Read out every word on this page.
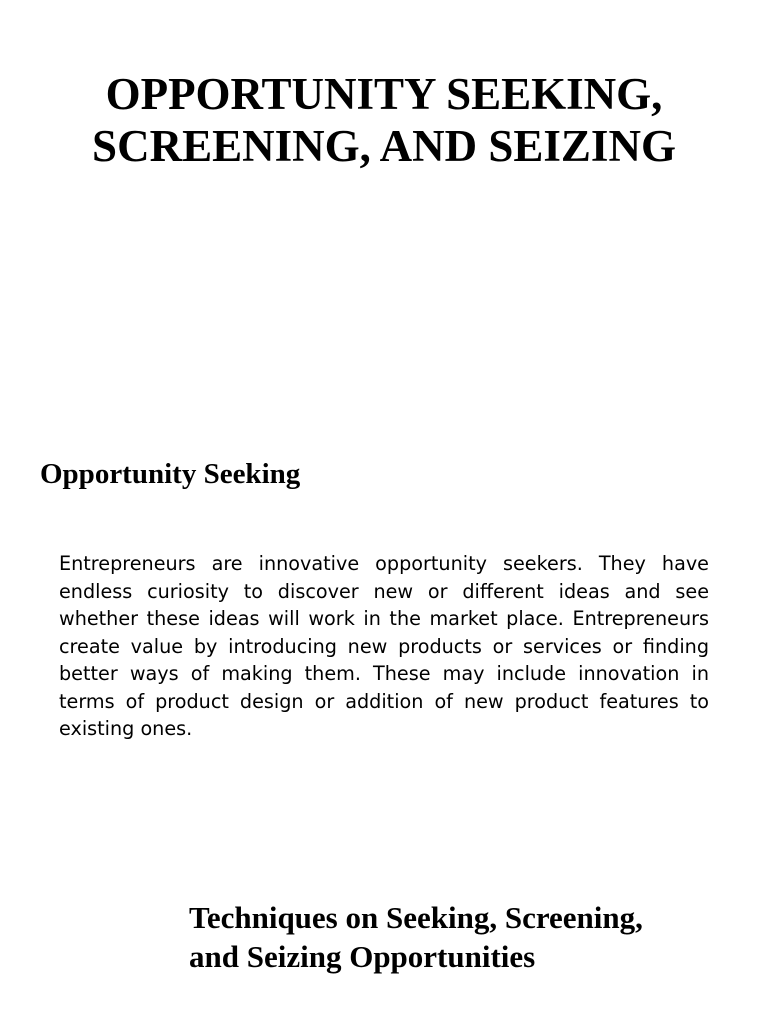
OPPORTUNITY SEEKING,
SCREENING, AND SEIZING
Opportunity Seeking

Entrepreneurs are innovative opportunity seekers. They have endless curiosity to discover new or different ideas and see whether these ideas will work in the market place. Entrepreneurs create value by introducing new products or services or finding better ways of making them. These may include innovation in terms of product design or addition of new product features to existing ones.

Techniques on Seeking, Screening,
and Seizing Opportunities
